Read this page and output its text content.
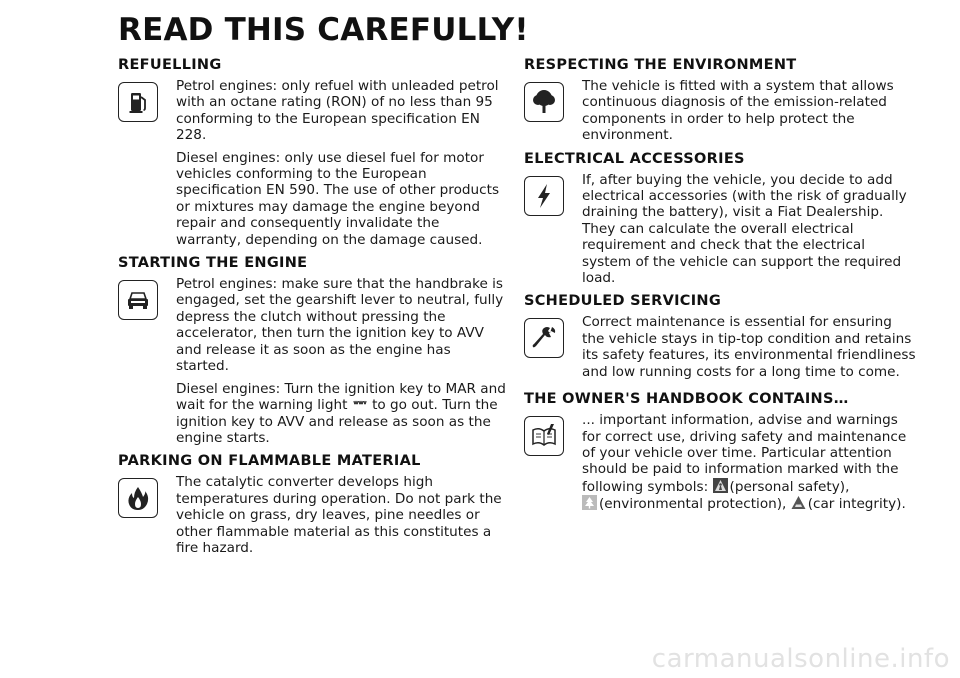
READ THIS CAREFULLY!
REFUELLING

Petrol engines: only refuel with unleaded petrol with an octane rating (RON) of no less than 95 conforming to the European specification EN 228.

Diesel engines: only use diesel fuel for motor vehicles conforming to the European specification EN 590. The use of other products or mixtures may damage the engine beyond repair and consequently invalidate the warranty, depending on the damage caused.

STARTING THE ENGINE

Petrol engines: make sure that the handbrake is engaged, set the gearshift lever to neutral, fully depress the clutch without pressing the accelerator, then turn the ignition key to AVV and release it as soon as the engine has started.

Diesel engines: Turn the ignition key to MAR and wait for the warning light to go out. Turn the ignition key to AVV and release as soon as the engine starts.

PARKING ON FLAMMABLE MATERIAL

The catalytic converter develops high temperatures during operation. Do not park the vehicle on grass, dry leaves, pine needles or other flammable material as this constitutes a fire hazard.

RESPECTING THE ENVIRONMENT

The vehicle is fitted with a system that allows continuous diagnosis of the emission-related components in order to help protect the environment.

ELECTRICAL ACCESSORIES

If, after buying the vehicle, you decide to add electrical accessories (with the risk of gradually draining the battery), visit a Fiat Dealership. They can calculate the overall electrical requirement and check that the electrical system of the vehicle can support the required load.

SCHEDULED SERVICING

Correct maintenance is essential for ensuring the vehicle stays in tip-top condition and retains its safety features, its environmental friendliness and low running costs for a long time to come.

THE OWNER'S HANDBOOK CONTAINS…

... important information, advise and warnings for correct use, driving safety and maintenance of your vehicle over time. Particular attention should be paid to information marked with the following symbols: (personal safety),

(environmental protection), (car integrity).

carmanualsonline.info
